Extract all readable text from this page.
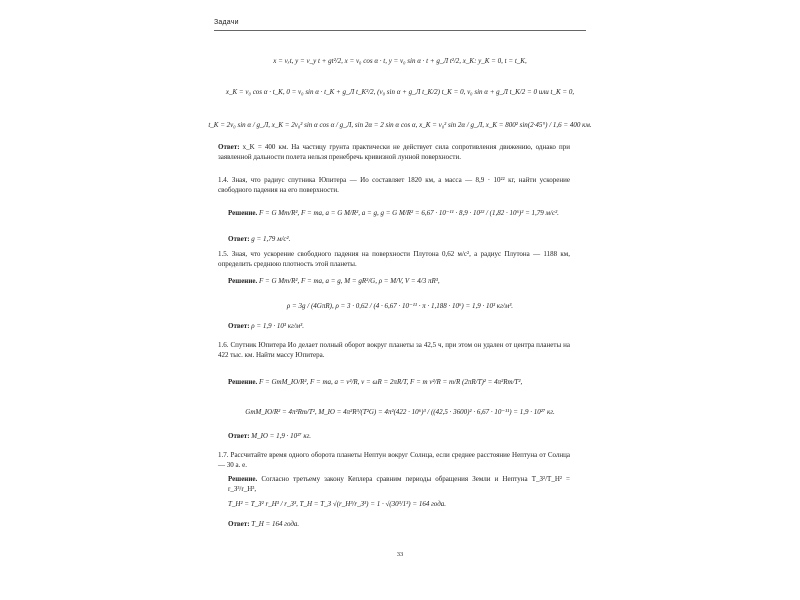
Задачи
x = vₓt, y = v_y t + gt²/2, x = v₀ cos α · t, y = v₀ sin α · t + g_Л t²/2, x_K: y_K = 0, t = t_K,
x_K = v₀ cos α · t_K, 0 = v₀ sin α · t_K + g_Л t_K²/2, (v₀ sin α + g_Л t_K/2) t_K = 0, v₀ sin α + g_Л t_K/2 = 0 или t_K = 0,
t_K = 2v₀ sin α / g_Л, x_K = 2v₀² sin α cos α / g_Л, sin 2α = 2 sin α cos α, x_K = v₀² sin 2α / g_Л, x_K = 800² sin(2·45°) / 1,6 = 400 км.
Ответ: x_K = 400 км. На частицу грунта практически не действует сила сопротивления движению, однако при заявленной дальности полета нельзя пренебречь кривизной лунной поверхности.
1.4. Зная, что радиус спутника Юпитера — Ио составляет 1820 км, а масса — 8,9 · 10²² кг, найти ускорение свободного падения на его поверхности.
Решение. F = G Mm/R², F = ma, a = G M/R², a = g, g = G M/R² = 6,67 · 10⁻¹¹ · 8,9 · 10²² / (1,82 · 10⁶)² = 1,79 м/с².
Ответ: g = 1,79 м/с².
1.5. Зная, что ускорение свободного падения на поверхности Плутона 0,62 м/с², а радиус Плутона — 1188 км, определить среднюю плотность этой планеты.
Решение. F = G Mm/R², F = ma, a = g, M = gR²/G, ρ = M/V, V = 4/3 πR³,
ρ = 3g / (4GπR), ρ = 3 · 0,62 / (4 · 6,67 · 10⁻¹¹ · π · 1,188 · 10⁶) = 1,9 · 10³ кг/м³.
Ответ: ρ = 1,9 · 10³ кг/м³.
1.6. Спутник Юпитера Ио делает полный оборот вокруг планеты за 42,5 ч, при этом он удален от центра планеты на 422 тыс. км. Найти массу Юпитера.
Решение. F = GmM_Ю/R², F = ma, a = v²/R, v = ωR = 2πR/T, F = m v²/R = m/R (2πR/T)² = 4π²Rm/T²,
GmM_Ю/R² = 4π²Rm/T², M_Ю = 4π²R³/(T²G) = 4π²(422 · 10⁶)³ / ((42,5 · 3600)² · 6,67 · 10⁻¹¹) = 1,9 · 10²⁷ кг.
Ответ: M_Ю = 1,9 · 10²⁷ кг.
1.7. Рассчитайте время одного оборота планеты Нептун вокруг Солнца, если среднее расстояние Нептуна от Солнца — 30 а. е.
Решение. Согласно третьему закону Кеплера сравним периоды обращения Земли и Нептуна T_З²/T_Н² = r_З³/r_Н³,
T_Н² = T_З² r_Н³ / r_З³, T_Н = T_З √(r_Н³/r_З³) = 1 · √(30³/1³) = 164 года.
Ответ: T_Н = 164 года.
33
